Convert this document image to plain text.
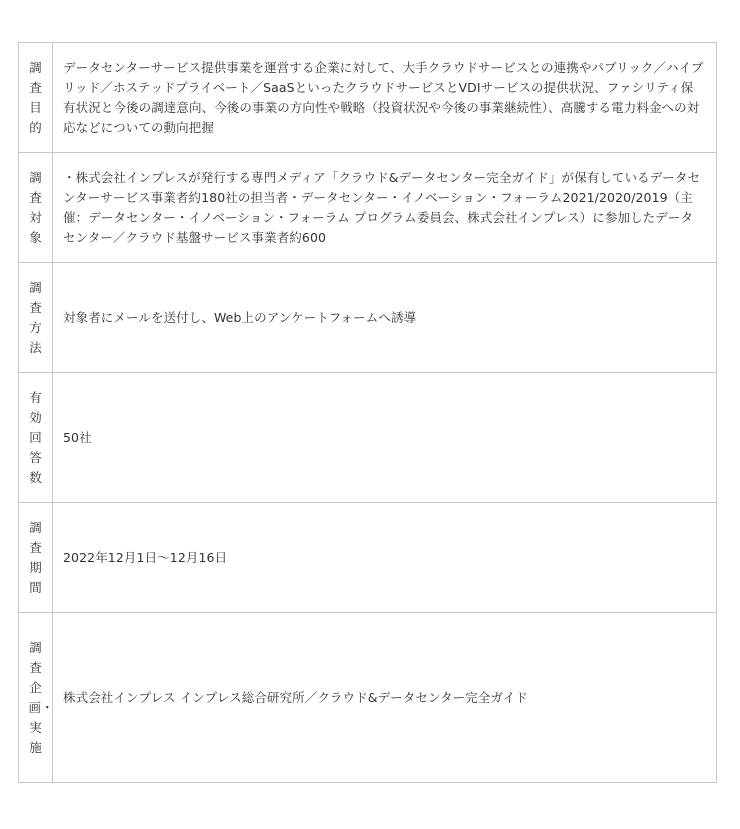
調査目的	データセンターサービス提供事業を運営する企業に対して、大手クラウドサービスとの連携やパブリック／ハイブリッド／ホステッドプライベート／SaaSといったクラウドサービスとVDIサービスの提供状況、ファシリティ保有状況と今後の調達意向、今後の事業の方向性や戦略（投資状況や今後の事業継続性）、高騰する電力料金への対応などについての動向把握
調査対象	・株式会社インプレスが発行する専門メディア「クラウド&データセンター完全ガイド」が保有しているデータセンターサービス事業者約180社の担当者・データセンター・イノベーション・フォーラム2021/2020/2019（主催：データセンター・イノベーション・フォーラム プログラム委員会、株式会社インプレス）に参加したデータセンター／クラウド基盤サービス事業者約600
調査方法	対象者にメールを送付し、Web上のアンケートフォームへ誘導
有効回答数	50社
調査期間	2022年12月1日～12月16日
調査企画・実施	株式会社インプレス インプレス総合研究所／クラウド&データセンター完全ガイド
